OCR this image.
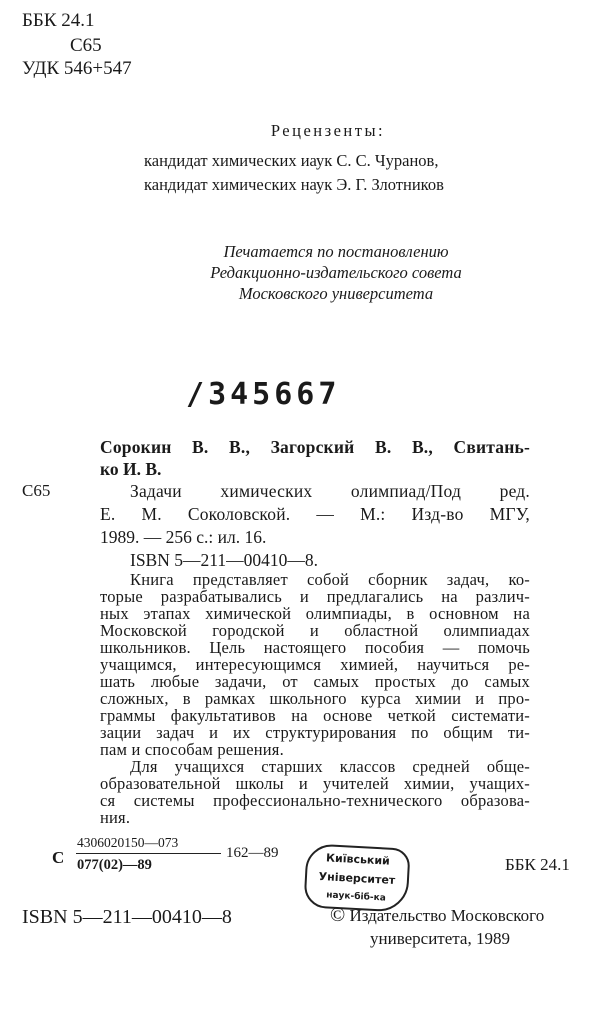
ББК 24.1
С65
УДК 546+547
Рецензенты:
кандидат химических иаук С. С. Чуранов,
кандидат химических наук Э. Г. Злотников
Печатается по постановлению
Редакционно-издательского совета
Московского университета
/345667
Сорокин В. В., Загорский В. В., Свитань-
ко И. В.
С65	Задачи химических олимпиад/Под ред.
Е. М. Соколовской. — М.: Изд-во МГУ,
1989. — 256 с.: ил. 16.
ISBN 5—211—00410—8.
Книга представляет собой сборник задач, ко-
торые разрабатывались и предлагались на различ-
ных этапах химической олимпиады, в основном на
Московской городской и областной олимпиадах
школьников. Цель настоящего пособия — помочь
учащимся, интересующимся химией, научиться ре-
шать любые задачи, от самых простых до самых
сложных, в рамках школьного курса химии и про-
граммы факультативов на основе четкой системати-
зации задач и их структурирования по общим ти-
пам и способам решения.
Для учащихся старших классов средней обще-
образовательной школы и учителей химии, учащих-
ся системы профессионально-технического образова-
ния.
С
4306020150—073
077(02)—89
162—89	Київський
Університет
наук-біб-ка
ББК 24.1
ISBN 5—211—00410—8	© Издательство Московского
университета, 1989
